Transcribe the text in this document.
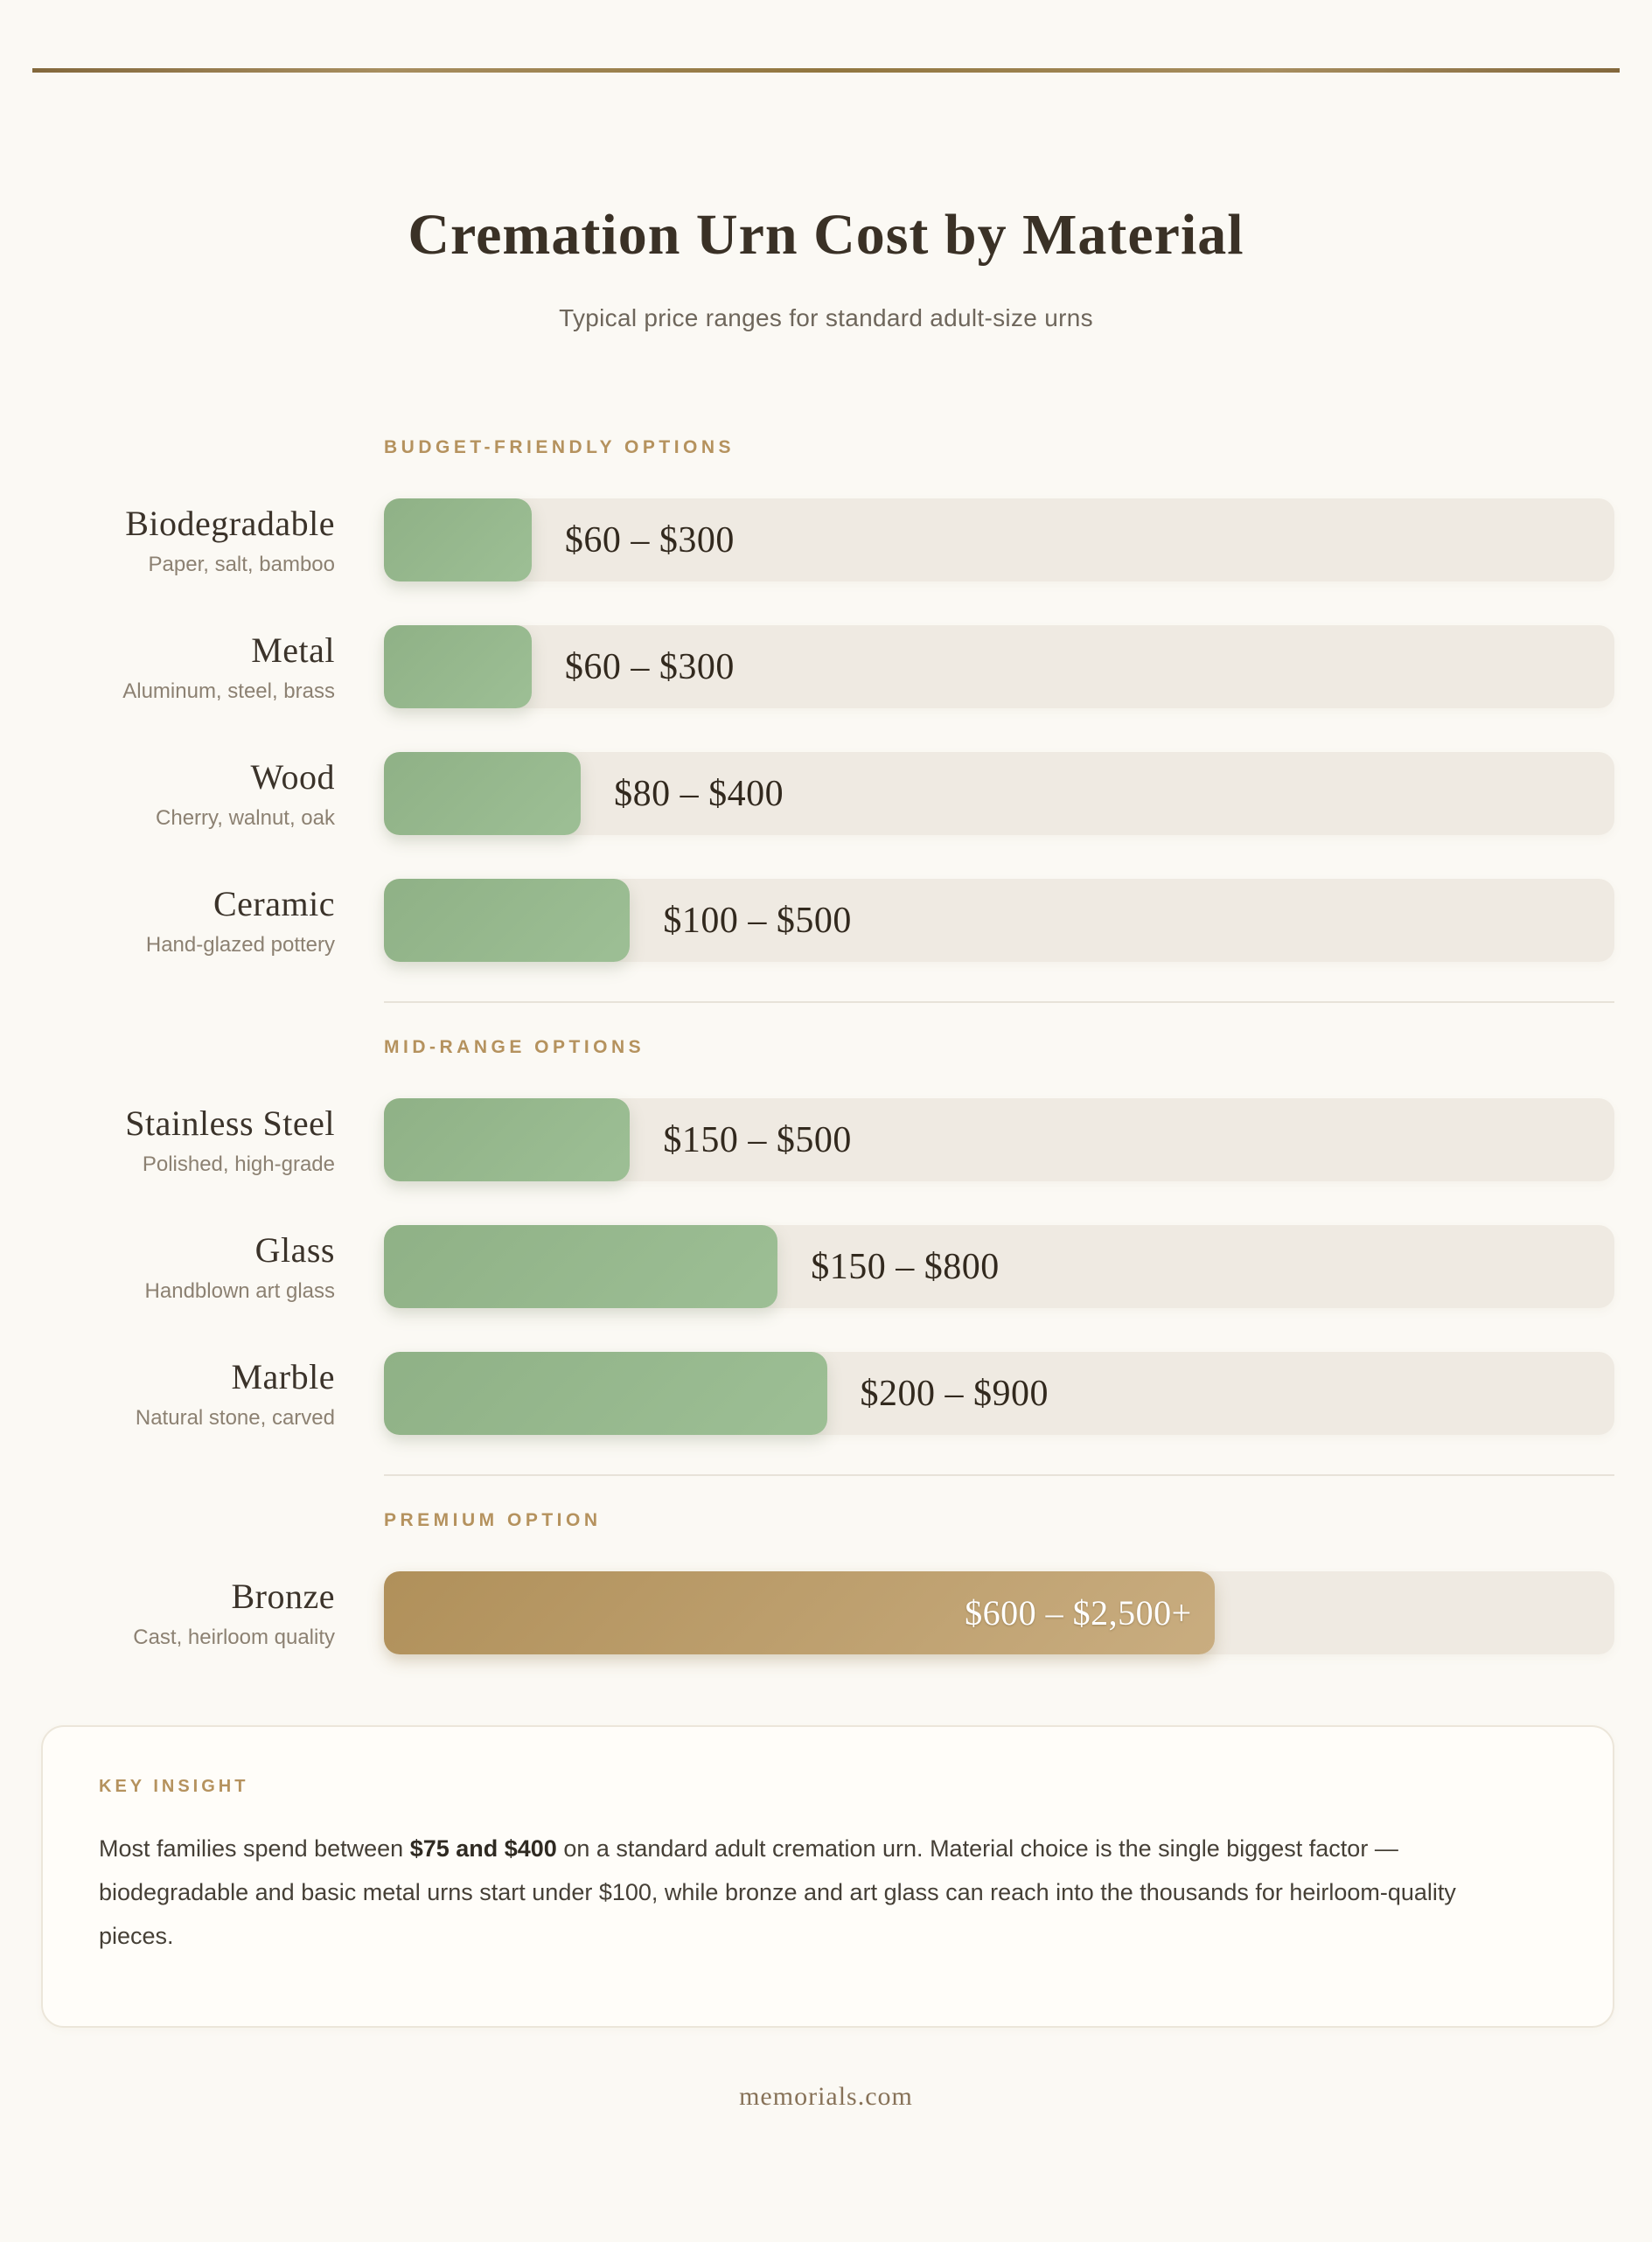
Cremation Urn Cost by Material

Typical price ranges for standard adult-size urns

BUDGET-FRIENDLY OPTIONS
Biodegradable
Paper, salt, bamboo
$60 – $300
Metal
Aluminum, steel, brass
$60 – $300
Wood
Cherry, walnut, oak
$80 – $400
Ceramic
Hand-glazed pottery
$100 – $500
MID-RANGE OPTIONS
Stainless Steel
Polished, high-grade
$150 – $500
Glass
Handblown art glass
$150 – $800
Marble
Natural stone, carved
$200 – $900
PREMIUM OPTION
Bronze
Cast, heirloom quality
$600 – $2,500+
KEY INSIGHT

Most families spend between $75 and $400 on a standard adult cremation urn. Material choice is the single biggest factor — biodegradable and basic metal urns start under $100, while bronze and art glass can reach into the thousands for heirloom-quality pieces.

memorials.com
